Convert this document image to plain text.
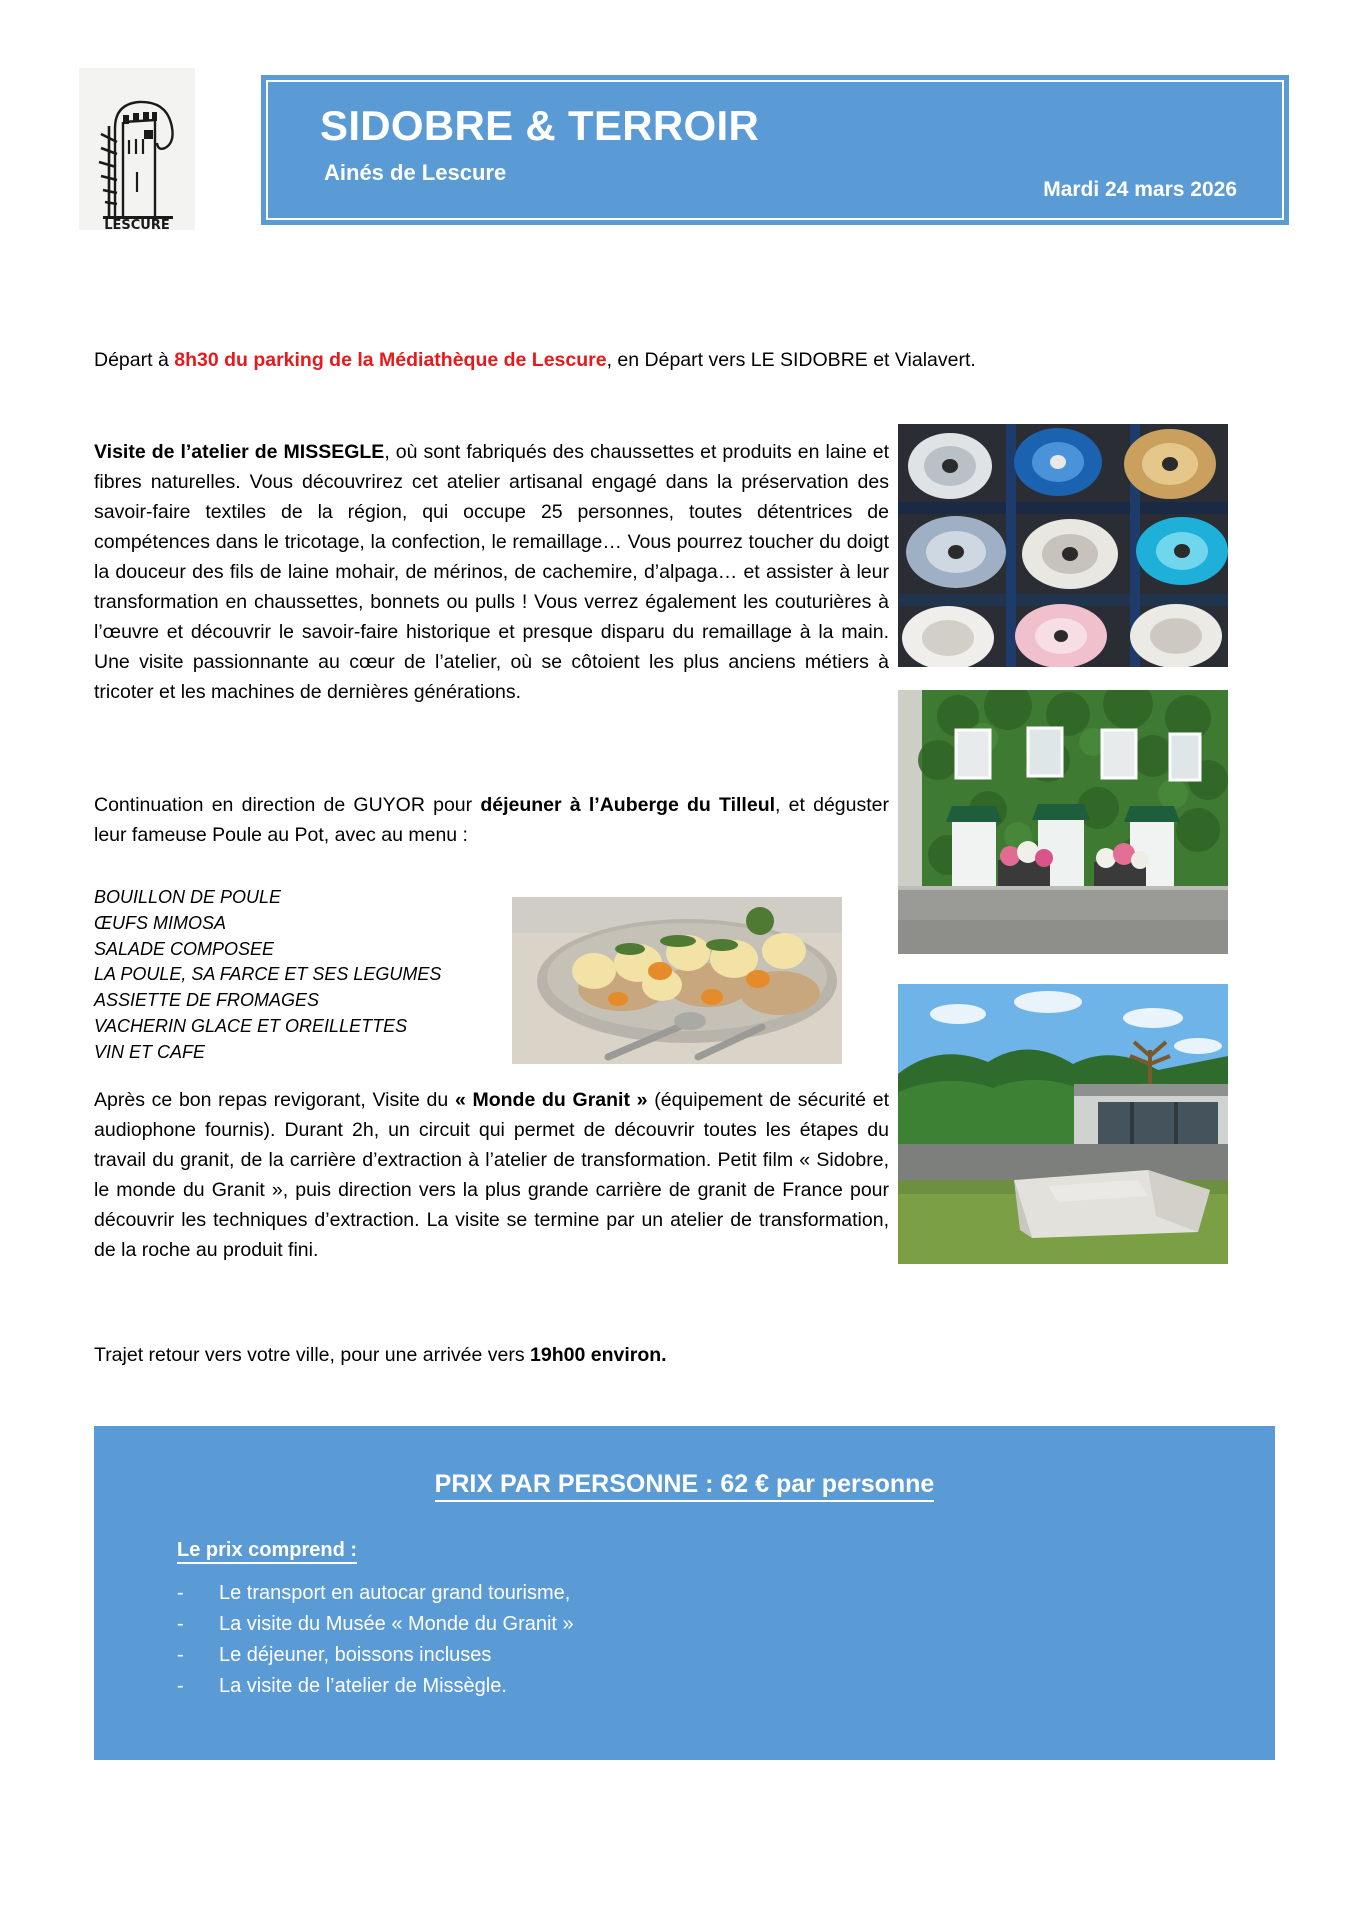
LESCURE
SIDOBRE & TERROIR
Ainés de Lescure
Mardi 24 mars 2026
Départ à 8h30 du parking de la Médiathèque de Lescure, en Départ vers LE SIDOBRE et Vialavert.
Visite de l’atelier de MISSEGLE, où sont fabriqués des chaussettes et produits en laine et fibres naturelles. Vous découvrirez cet atelier artisanal engagé dans la préservation des savoir-faire textiles de la région, qui occupe 25 personnes, toutes détentrices de compétences dans le tricotage, la confection, le remaillage… Vous pourrez toucher du doigt la douceur des fils de laine mohair, de mérinos, de cachemire, d’alpaga… et assister à leur transformation en chaussettes, bonnets ou pulls ! Vous verrez également les couturières à l’œuvre et découvrir le savoir-faire historique et presque disparu du remaillage à la main. Une visite passionnante au cœur de l’atelier, où se côtoient les plus anciens métiers à tricoter et les machines de dernières générations.
Continuation en direction de GUYOR pour déjeuner à l’Auberge du Tilleul, et déguster leur fameuse Poule au Pot, avec au menu :
BOUILLON DE POULE
ŒUFS MIMOSA
SALADE COMPOSEE
LA POULE, SA FARCE ET SES LEGUMES
ASSIETTE DE FROMAGES
VACHERIN GLACE ET OREILLETTES
VIN ET CAFE
Après ce bon repas revigorant, Visite du « Monde du Granit » (équipement de sécurité et audiophone fournis). Durant 2h, un circuit qui permet de découvrir toutes les étapes du travail du granit, de la carrière d’extraction à l’atelier de transformation. Petit film « Sidobre, le monde du Granit », puis direction vers la plus grande carrière de granit de France pour découvrir les techniques d’extraction. La visite se termine par un atelier de transformation, de la roche au produit fini.
Trajet retour vers votre ville, pour une arrivée vers 19h00 environ.
PRIX PAR PERSONNE : 62 € par personne
Le prix comprend :
-	Le transport en autocar grand tourisme,
-	La visite du Musée « Monde du Granit »
-	Le déjeuner, boissons incluses
-	La visite de l’atelier de Missègle.
